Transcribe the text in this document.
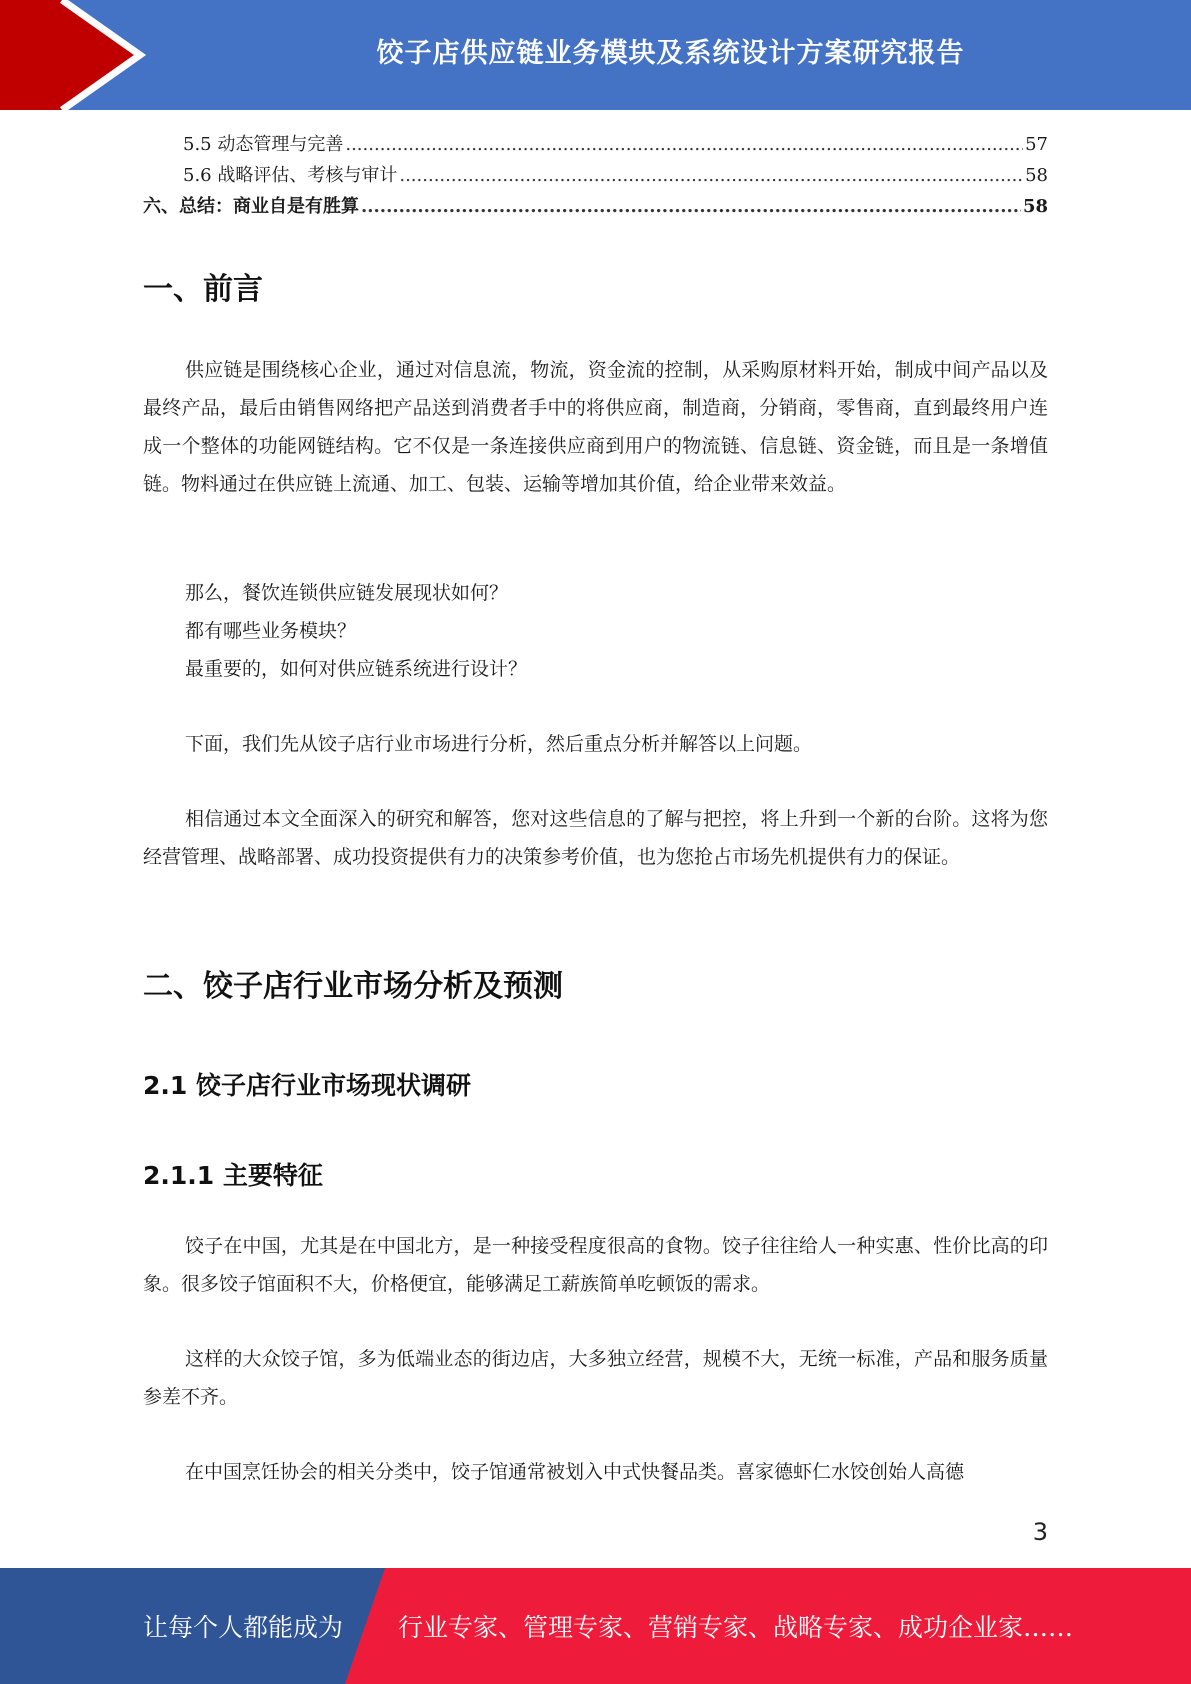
饺子店供应链业务模块及系统设计方案研究报告
5.5 动态管理与完善 .....	57
5.6 战略评估、考核与审计 .....	58
六、总结：商业自是有胜算 .....	58
一、前言

供应链是围绕核心企业，通过对信息流，物流，资金流的控制，从采购原材料开始，制成中间产品以及最终产品，最后由销售网络把产品送到消费者手中的将供应商，制造商，分销商，零售商，直到最终用户连成一个整体的功能网链结构。它不仅是一条连接供应商到用户的物流链、信息链、资金链，而且是一条增值链。物料通过在供应链上流通、加工、包装、运输等增加其价值，给企业带来效益。

那么，餐饮连锁供应链发展现状如何？

都有哪些业务模块？

最重要的，如何对供应链系统进行设计？

下面，我们先从饺子店行业市场进行分析，然后重点分析并解答以上问题。

相信通过本文全面深入的研究和解答，您对这些信息的了解与把控，将上升到一个新的台阶。这将为您经营管理、战略部署、成功投资提供有力的决策参考价值，也为您抢占市场先机提供有力的保证。

二、饺子店行业市场分析及预测
2.1 饺子店行业市场现状调研
2.1.1 主要特征

饺子在中国，尤其是在中国北方，是一种接受程度很高的食物。饺子往往给人一种实惠、性价比高的印象。很多饺子馆面积不大，价格便宜，能够满足工薪族简单吃顿饭的需求。

这样的大众饺子馆，多为低端业态的街边店，大多独立经营，规模不大，无统一标准，产品和服务质量参差不齐。

在中国烹饪协会的相关分类中，饺子馆通常被划入中式快餐品类。喜家德虾仁水饺创始人高德

3
让每个人都能成为 行业专家、管理专家、营销专家、战略专家、成功企业家……
